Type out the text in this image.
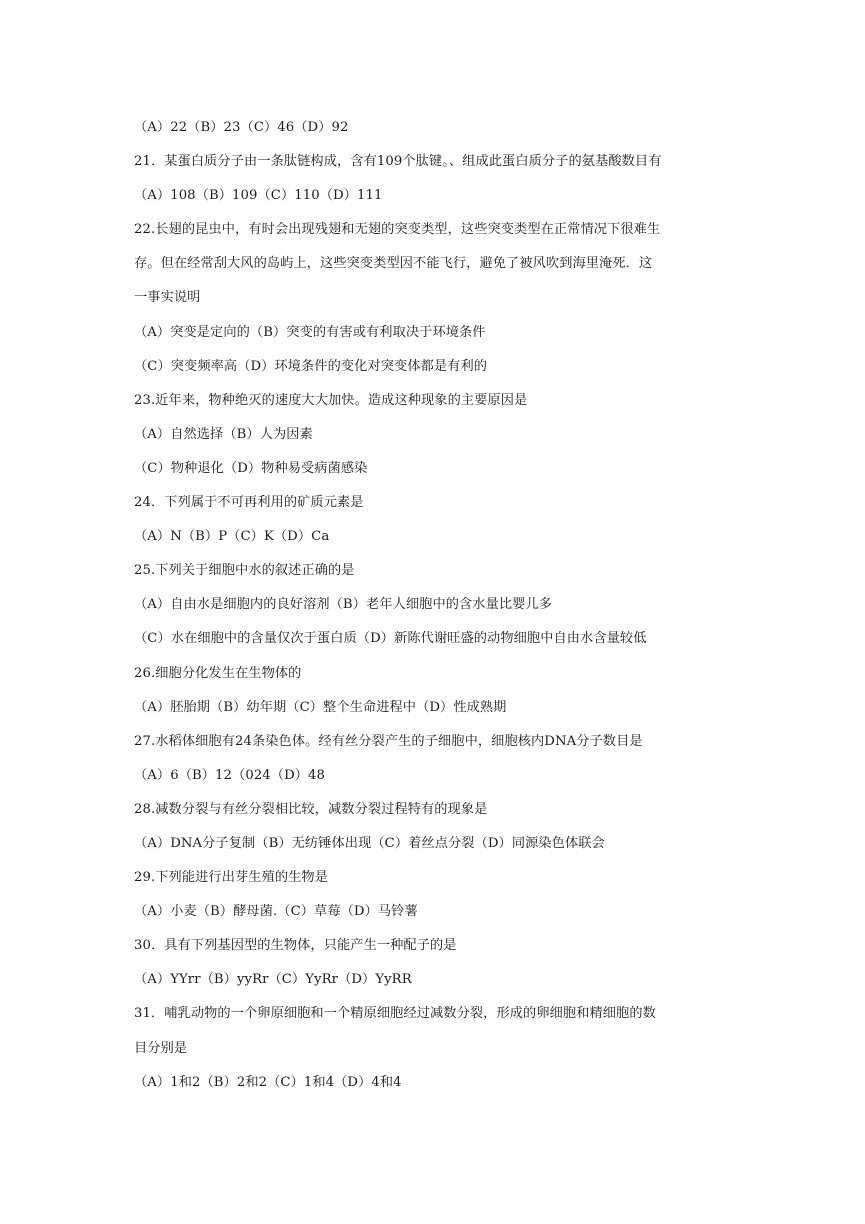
（A）22（B）23（C）46（D）92
21．某蛋白质分子由一条肽链构成，含有109个肽键。、组成此蛋白质分子的氨基酸数目有
（A）108（B）109（C）110（D）111
22.长翅的昆虫中，有时会出现残翅和无翅的突变类型，这些突变类型在正常情况下很难生
存。但在经常刮大风的岛屿上，这些突变类型因不能飞行，避免了被风吹到海里淹死．这
一事实说明
（A）突变是定向的（B）突变的有害或有利取决于环境条件
（C）突变频率高（D）环境条件的变化对突变体都是有利的
23.近年来，物种绝灭的速度大大加快。造成这种现象的主要原因是
（A）自然选择（B）人为因素
（C）物种退化（D）物种易受病菌感染
24．下列属于不可再利用的矿质元素是
（A）N（B）P（C）K（D）Ca
25.下列关于细胞中水的叙述正确的是
（A）自由水是细胞内的良好溶剂（B）老年人细胞中的含水量比婴儿多
（C）水在细胞中的含量仅次于蛋白质（D）新陈代谢旺盛的动物细胞中自由水含量较低
26.细胞分化发生在生物体的
（A）胚胎期（B）幼年期（C）整个生命进程中（D）性成熟期
27.水稻体细胞有24条染色体。经有丝分裂产生的子细胞中，细胞核内DNA分子数目是
（A）6（B）12（024（D）48
28.减数分裂与有丝分裂相比较，减数分裂过程特有的现象是
（A）DNA分子复制（B）无纺锤体出现（C）着丝点分裂（D）同源染色体联会
29.下列能进行出芽生殖的生物是
（A）小麦（B）酵母菌.（C）草莓（D）马铃薯
30．具有下列基因型的生物体，只能产生一种配子的是
（A）YYrr（B）yyRr（C）YyRr（D）YyRR
31．哺乳动物的一个卵原细胞和一个精原细胞经过减数分裂，形成的卵细胞和精细胞的数
目分别是
（A）1和2（B）2和2（C）1和4（D）4和4
